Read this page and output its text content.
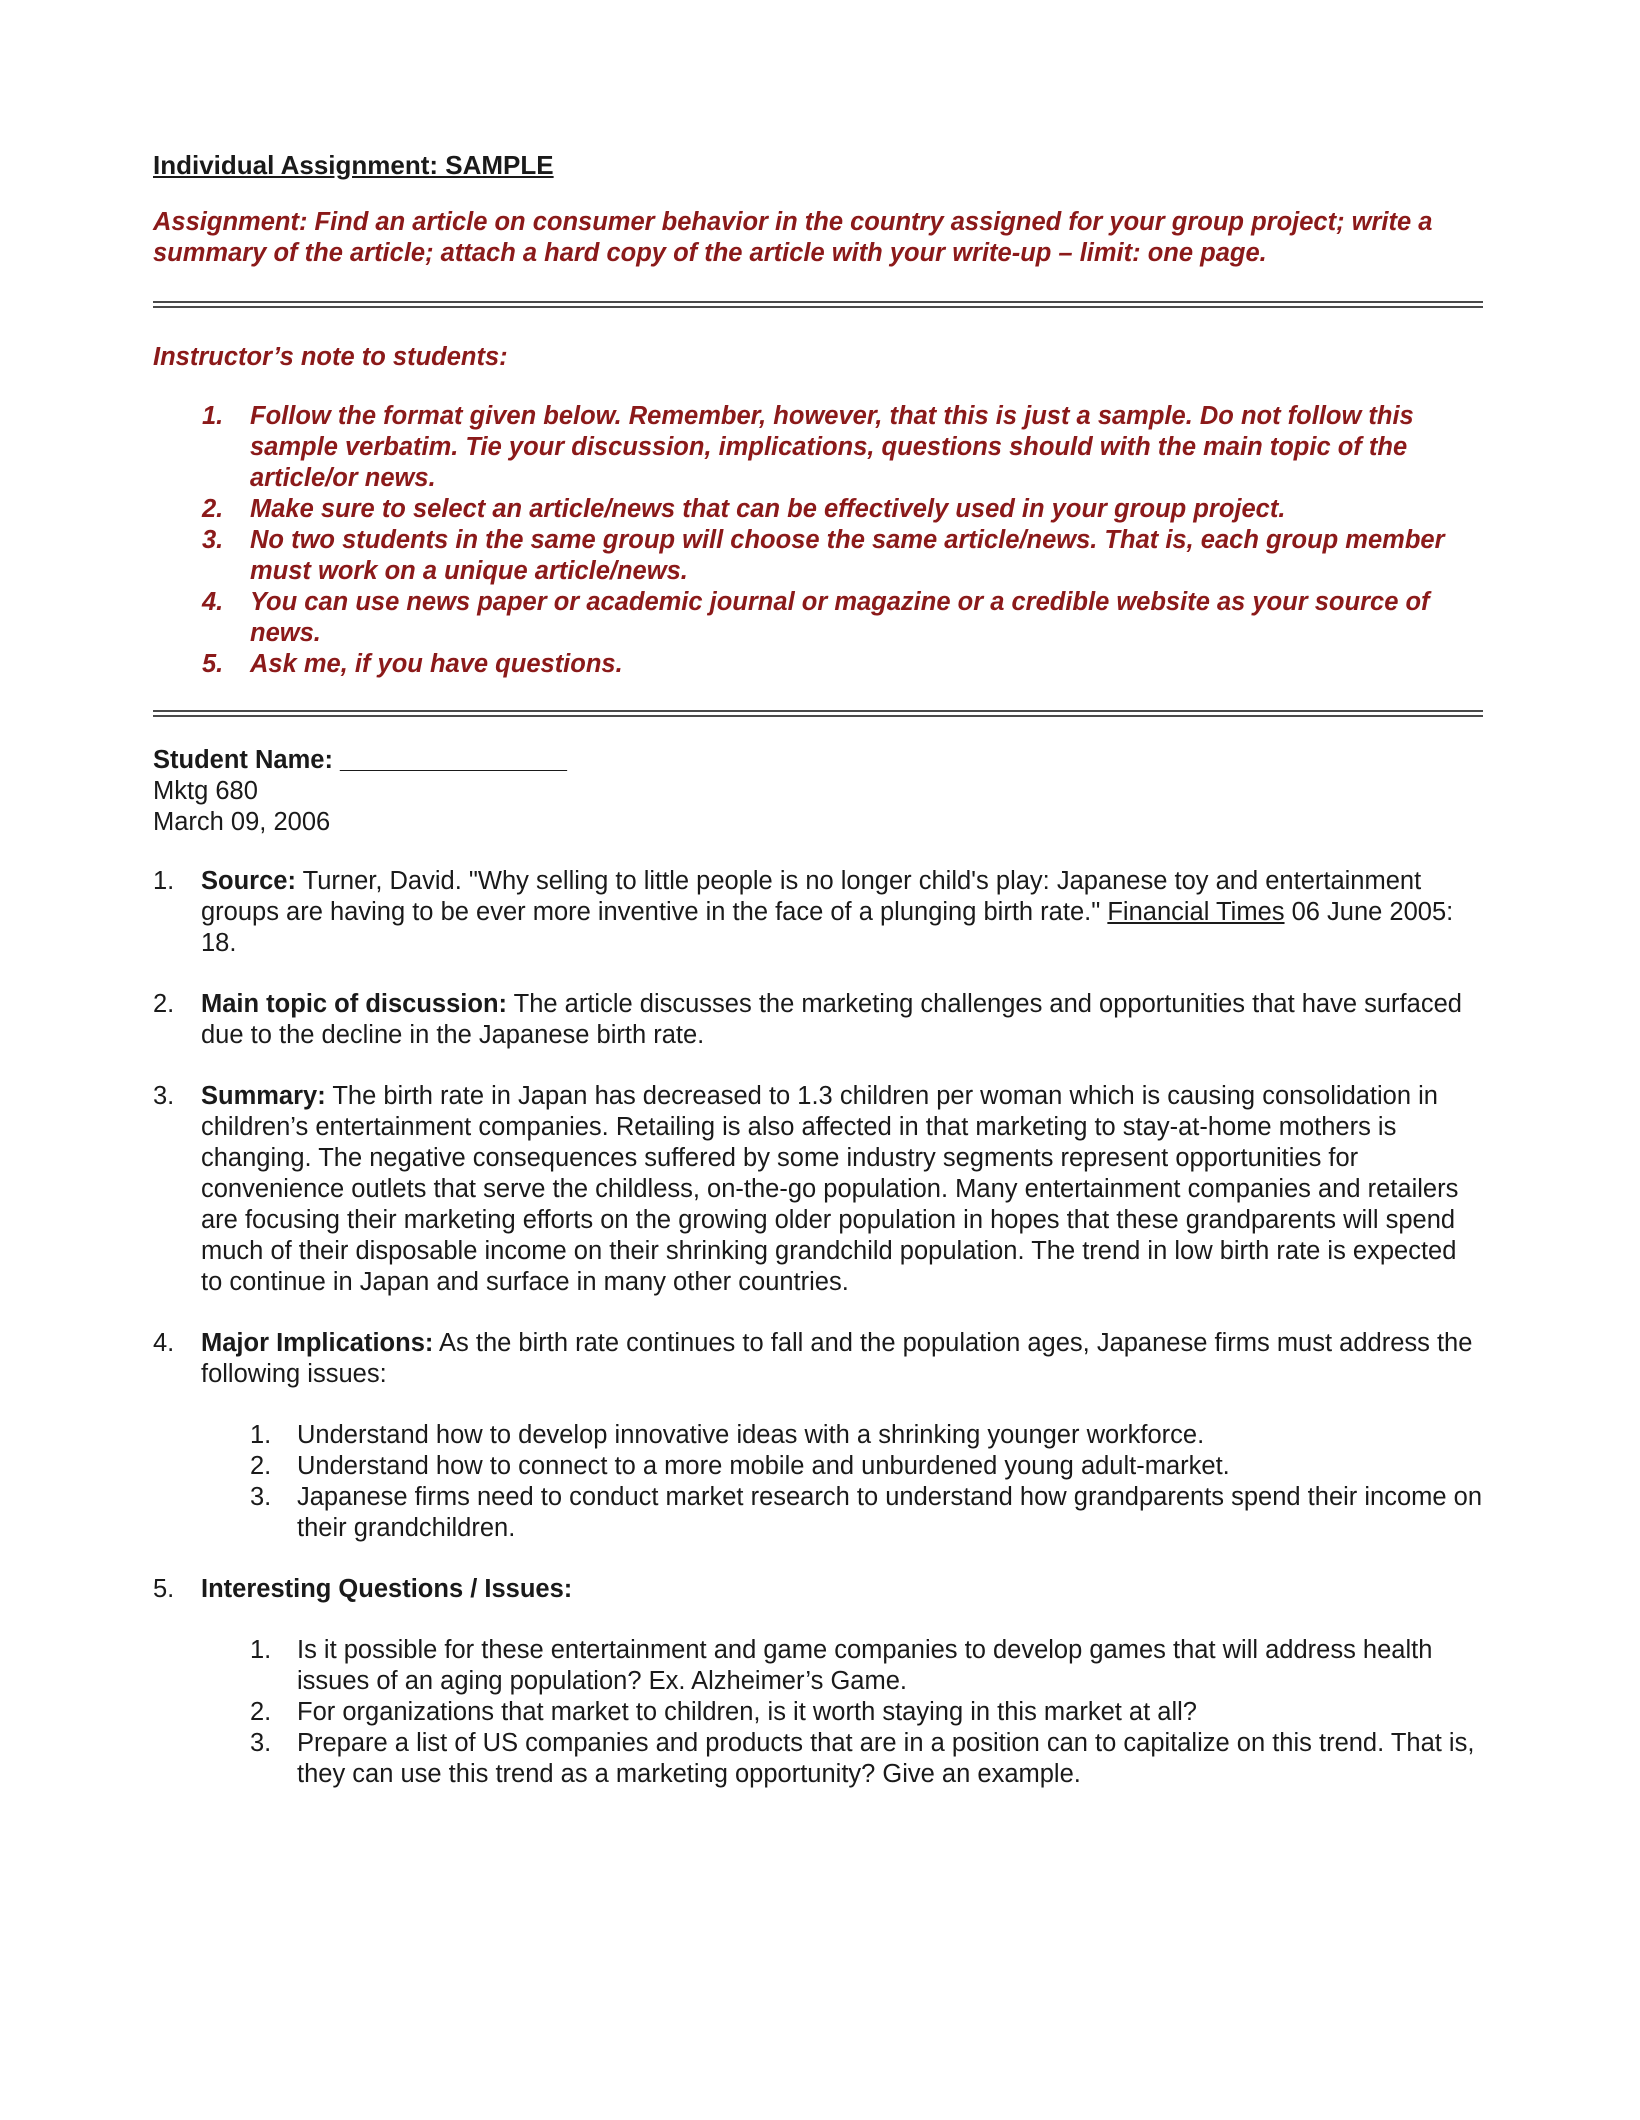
Individual Assignment: SAMPLE

Assignment: Find an article on consumer behavior in the country assigned for your group project; write a summary of the article; attach a hard copy of the article with your write-up – limit: one page.
Instructor’s note to students:
1.	Follow the format given below. Remember, however, that this is just a sample. Do not follow this sample verbatim. Tie your discussion, implications, questions should with the main topic of the article/or news.
2.	Make sure to select an article/news that can be effectively used in your group project.
3.	No two students in the same group will choose the same article/news. That is, each group member must work on a unique article/news.
4.	You can use news paper or academic journal or magazine or a credible website as your source of news.
5.	Ask me, if you have questions.
Student Name: ________________
Mktg 680
March 09, 2006
1.	Source: Turner, David. "Why selling to little people is no longer child's play: Japanese toy and entertainment groups are having to be ever more inventive in the face of a plunging birth rate." Financial Times 06 June 2005: 18.
2.	Main topic of discussion: The article discusses the marketing challenges and opportunities that have surfaced due to the decline in the Japanese birth rate.
3.	Summary: The birth rate in Japan has decreased to 1.3 children per woman which is causing consolidation in children’s entertainment companies. Retailing is also affected in that marketing to stay-at-home mothers is changing. The negative consequences suffered by some industry segments represent opportunities for convenience outlets that serve the childless, on-the-go population. Many entertainment companies and retailers are focusing their marketing efforts on the growing older population in hopes that these grandparents will spend much of their disposable income on their shrinking grandchild population. The trend in low birth rate is expected to continue in Japan and surface in many other countries.
4.	Major Implications: As the birth rate continues to fall and the population ages, Japanese firms must address the following issues:
1.	Understand how to develop innovative ideas with a shrinking younger workforce.
2.	Understand how to connect to a more mobile and unburdened young adult-market.
3.	Japanese firms need to conduct market research to understand how grandparents spend their income on their grandchildren.
5.	Interesting Questions / Issues:
1.	Is it possible for these entertainment and game companies to develop games that will address health issues of an aging population? Ex. Alzheimer’s Game.
2.	For organizations that market to children, is it worth staying in this market at all?
3.	Prepare a list of US companies and products that are in a position can to capitalize on this trend. That is, they can use this trend as a marketing opportunity? Give an example.
